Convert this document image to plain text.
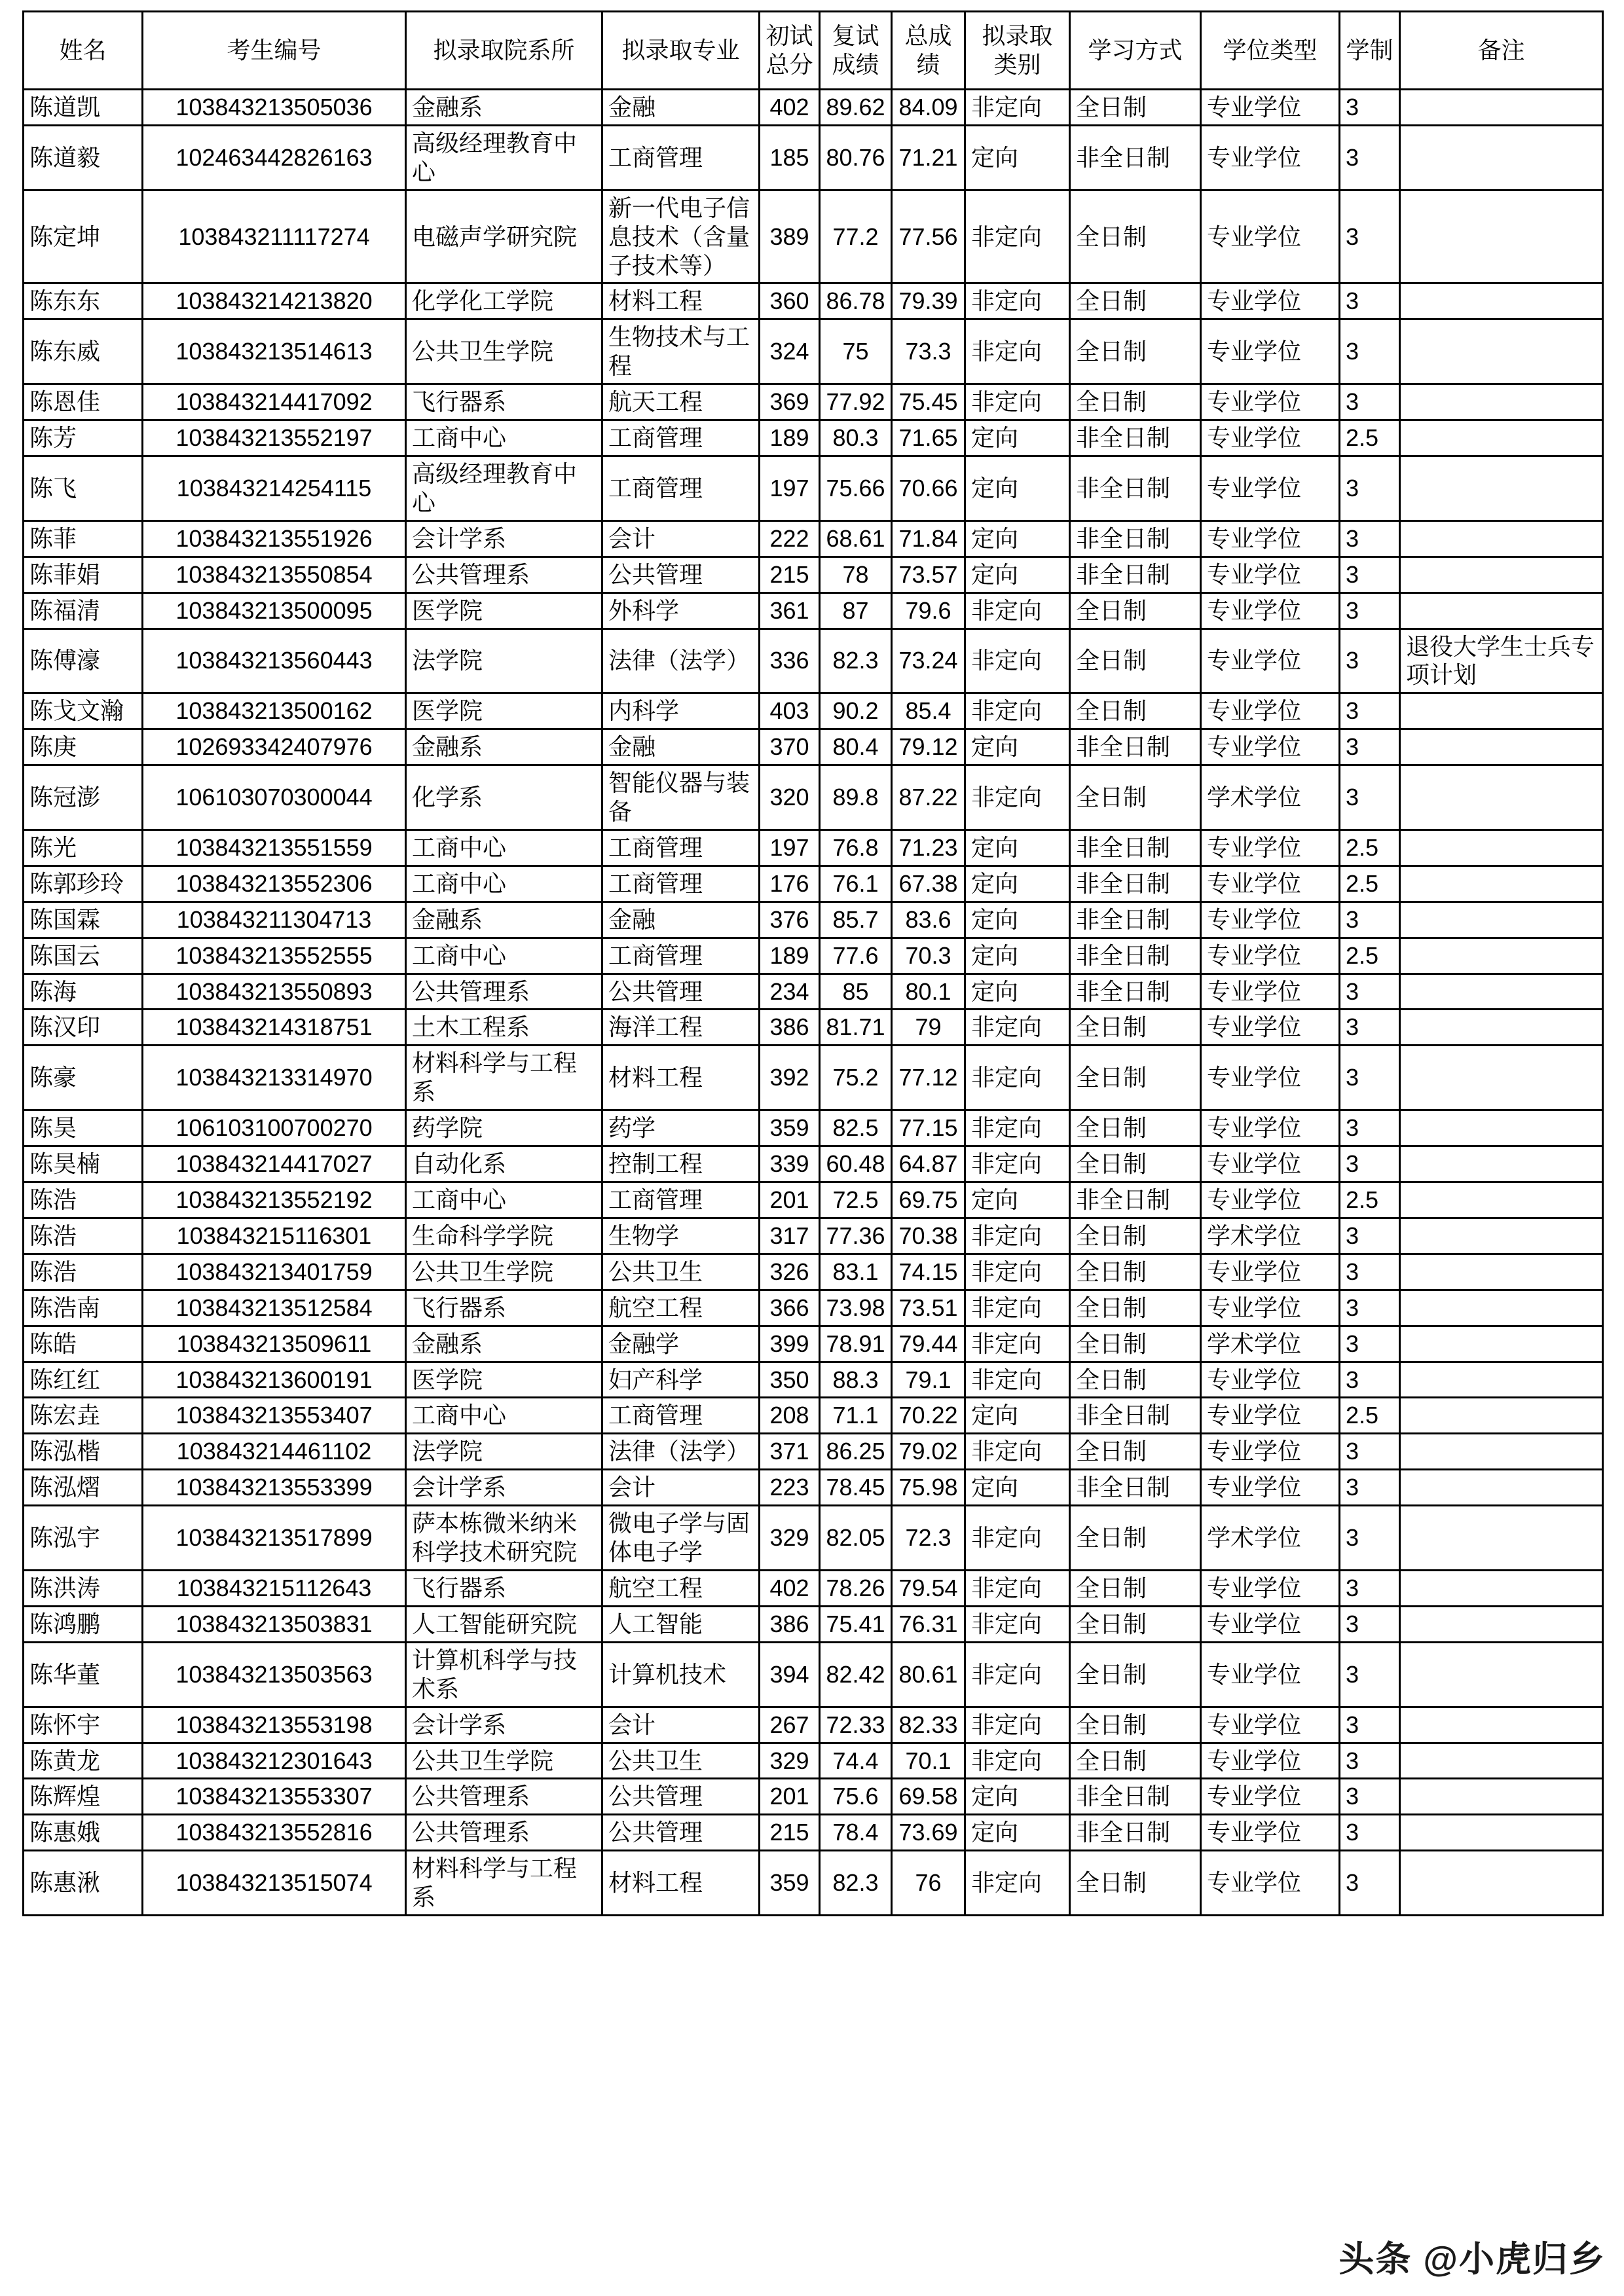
姓名	考生编号	拟录取院系所	拟录取专业	初试总分	复试成绩	总成绩	拟录取类别	学习方式	学位类型	学制	备注
陈道凯	103843213505036	金融系	金融	402	89.62	84.09	非定向	全日制	专业学位	3	
陈道毅	102463442826163	高级经理教育中心	工商管理	185	80.76	71.21	定向	非全日制	专业学位	3	
陈定坤	103843211117274	电磁声学研究院	新一代电子信息技术（含量子技术等）	389	77.2	77.56	非定向	全日制	专业学位	3	
陈东东	103843214213820	化学化工学院	材料工程	360	86.78	79.39	非定向	全日制	专业学位	3	
陈东威	103843213514613	公共卫生学院	生物技术与工程	324	75	73.3	非定向	全日制	专业学位	3	
陈恩佳	103843214417092	飞行器系	航天工程	369	77.92	75.45	非定向	全日制	专业学位	3	
陈芳	103843213552197	工商中心	工商管理	189	80.3	71.65	定向	非全日制	专业学位	2.5	
陈飞	103843214254115	高级经理教育中心	工商管理	197	75.66	70.66	定向	非全日制	专业学位	3	
陈菲	103843213551926	会计学系	会计	222	68.61	71.84	定向	非全日制	专业学位	3	
陈菲娟	103843213550854	公共管理系	公共管理	215	78	73.57	定向	非全日制	专业学位	3	
陈福清	103843213500095	医学院	外科学	361	87	79.6	非定向	全日制	专业学位	3	
陈傅濠	103843213560443	法学院	法律（法学）	336	82.3	73.24	非定向	全日制	专业学位	3	退役大学生士兵专项计划
陈戈文瀚	103843213500162	医学院	内科学	403	90.2	85.4	非定向	全日制	专业学位	3	
陈庚	102693342407976	金融系	金融	370	80.4	79.12	定向	非全日制	专业学位	3	
陈冠澎	106103070300044	化学系	智能仪器与装备	320	89.8	87.22	非定向	全日制	学术学位	3	
陈光	103843213551559	工商中心	工商管理	197	76.8	71.23	定向	非全日制	专业学位	2.5	
陈郭珍玲	103843213552306	工商中心	工商管理	176	76.1	67.38	定向	非全日制	专业学位	2.5	
陈国霖	103843211304713	金融系	金融	376	85.7	83.6	定向	非全日制	专业学位	3	
陈国云	103843213552555	工商中心	工商管理	189	77.6	70.3	定向	非全日制	专业学位	2.5	
陈海	103843213550893	公共管理系	公共管理	234	85	80.1	定向	非全日制	专业学位	3	
陈汉印	103843214318751	土木工程系	海洋工程	386	81.71	79	非定向	全日制	专业学位	3	
陈豪	103843213314970	材料科学与工程系	材料工程	392	75.2	77.12	非定向	全日制	专业学位	3	
陈昊	106103100700270	药学院	药学	359	82.5	77.15	非定向	全日制	专业学位	3	
陈昊楠	103843214417027	自动化系	控制工程	339	60.48	64.87	非定向	全日制	专业学位	3	
陈浩	103843213552192	工商中心	工商管理	201	72.5	69.75	定向	非全日制	专业学位	2.5	
陈浩	103843215116301	生命科学学院	生物学	317	77.36	70.38	非定向	全日制	学术学位	3	
陈浩	103843213401759	公共卫生学院	公共卫生	326	83.1	74.15	非定向	全日制	专业学位	3	
陈浩南	103843213512584	飞行器系	航空工程	366	73.98	73.51	非定向	全日制	专业学位	3	
陈皓	103843213509611	金融系	金融学	399	78.91	79.44	非定向	全日制	学术学位	3	
陈红红	103843213600191	医学院	妇产科学	350	88.3	79.1	非定向	全日制	专业学位	3	
陈宏垚	103843213553407	工商中心	工商管理	208	71.1	70.22	定向	非全日制	专业学位	2.5	
陈泓楷	103843214461102	法学院	法律（法学）	371	86.25	79.02	非定向	全日制	专业学位	3	
陈泓熠	103843213553399	会计学系	会计	223	78.45	75.98	定向	非全日制	专业学位	3	
陈泓宇	103843213517899	萨本栋微米纳米科学技术研究院	微电子学与固体电子学	329	82.05	72.3	非定向	全日制	学术学位	3	
陈洪涛	103843215112643	飞行器系	航空工程	402	78.26	79.54	非定向	全日制	专业学位	3	
陈鸿鹏	103843213503831	人工智能研究院	人工智能	386	75.41	76.31	非定向	全日制	专业学位	3	
陈华董	103843213503563	计算机科学与技术系	计算机技术	394	82.42	80.61	非定向	全日制	专业学位	3	
陈怀宇	103843213553198	会计学系	会计	267	72.33	82.33	非定向	全日制	专业学位	3	
陈黄龙	103843212301643	公共卫生学院	公共卫生	329	74.4	70.1	非定向	全日制	专业学位	3	
陈辉煌	103843213553307	公共管理系	公共管理	201	75.6	69.58	定向	非全日制	专业学位	3	
陈惠娥	103843213552816	公共管理系	公共管理	215	78.4	73.69	定向	非全日制	专业学位	3	
陈惠湫	103843213515074	材料科学与工程系	材料工程	359	82.3	76	非定向	全日制	专业学位	3	
头条 @小虎归乡
